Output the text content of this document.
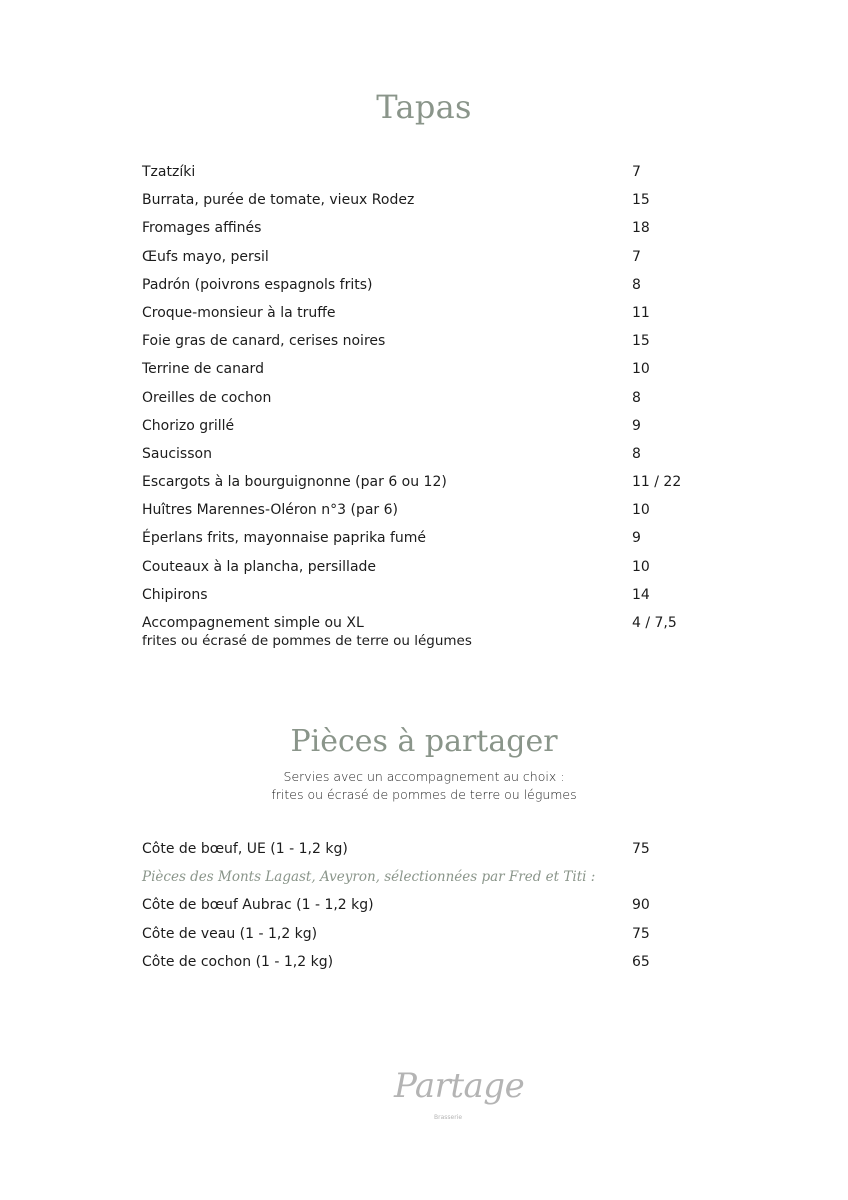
Tapas
Tzatzíki	7
Burrata, purée de tomate, vieux Rodez	15
Fromages affinés	18
Œufs mayo, persil	7
Padrón (poivrons espagnols frits)	8
Croque-monsieur à la truffe	11
Foie gras de canard, cerises noires	15
Terrine de canard	10
Oreilles de cochon	8
Chorizo grillé	9
Saucisson	8
Escargots à la bourguignonne (par 6 ou 12)	11 / 22
Huîtres Marennes-Oléron n°3 (par 6)	10
Éperlans frits, mayonnaise paprika fumé	9
Couteaux à la plancha, persillade	10
Chipirons	14
Accompagnement simple ou XL	4 / 7,5
frites ou écrasé de pommes de terre ou légumes
Pièces à partager
Servies avec un accompagnement au choix :
frites ou écrasé de pommes de terre ou légumes
Côte de bœuf, UE (1 - 1,2 kg)	75
Pièces des Monts Lagast, Aveyron, sélectionnées par Fred et Titi :
Côte de bœuf Aubrac (1 - 1,2 kg)	90
Côte de veau (1 - 1,2 kg)	75
Côte de cochon (1 - 1,2 kg)	65
Partage
Brasserie
